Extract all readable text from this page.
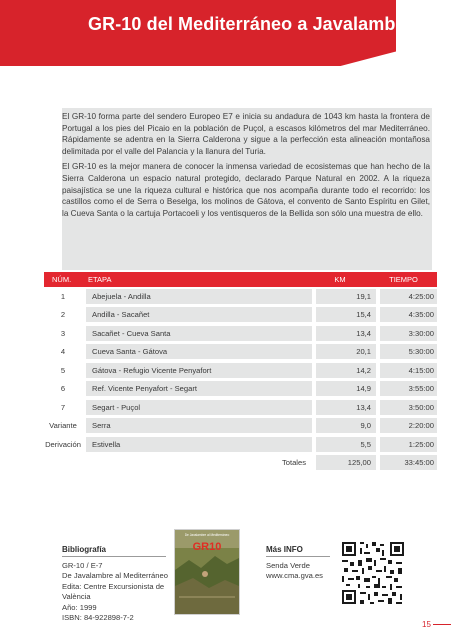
GR-10 del Mediterráneo a Javalambre

El GR-10 forma parte del sendero Europeo E7 e inicia su andadura de 1043 km hasta la frontera de Portugal a los pies del Picaio en la población de Puçol, a escasos kilómetros del mar Mediterráneo. Rápidamente se adentra en la Sierra Calderona y sigue a la perfección esta alineación montañosa delimitada por el valle del Palancia y la llanura del Turia.

El GR-10 es la mejor manera de conocer la inmensa variedad de ecosistemas que han hecho de la Sierra Calderona un espacio natural protegido, declarado Parque Natural en 2002. A la riqueza paisajística se une la riqueza cultural e histórica que nos acompaña durante todo el recorrido: los castillos como el de Serra o Beselga, los molinos de Gátova, el convento de Santo Espíritu en Gilet, la Cueva Santa o la cartuja Portacoeli y los ventisqueros de la Bellida son sólo una muestra de ello.

NÚM.	ETAPA	KM	TIEMPO
1	Abejuela - Andilla	19,1	4:25:00
2	Andilla - Sacañet	15,4	4:35:00
3	Sacañet - Cueva Santa	13,4	3:30:00
4	Cueva Santa - Gátova	20,1	5:30:00
5	Gátova - Refugio Vicente Penyafort	14,2	4:15:00
6	Ref. Vicente Penyafort - Segart	14,9	3:55:00
7	Segart - Puçol	13,4	3:50:00
Variante	Serra	9,0	2:20:00
Derivación	Estivella	5,5	1:25:00
Totales	125,00	33:45:00
Bibliografía
GR-10 / E-7
De Javalambre al Mediterráneo
Edita: Centre Excursionista de
València
Año: 1999
ISBN: 84-922898-7-2
De Javalambre al Mediterráneo
GR10	Más INFO
Senda Verde
www.cma.gva.es
15
